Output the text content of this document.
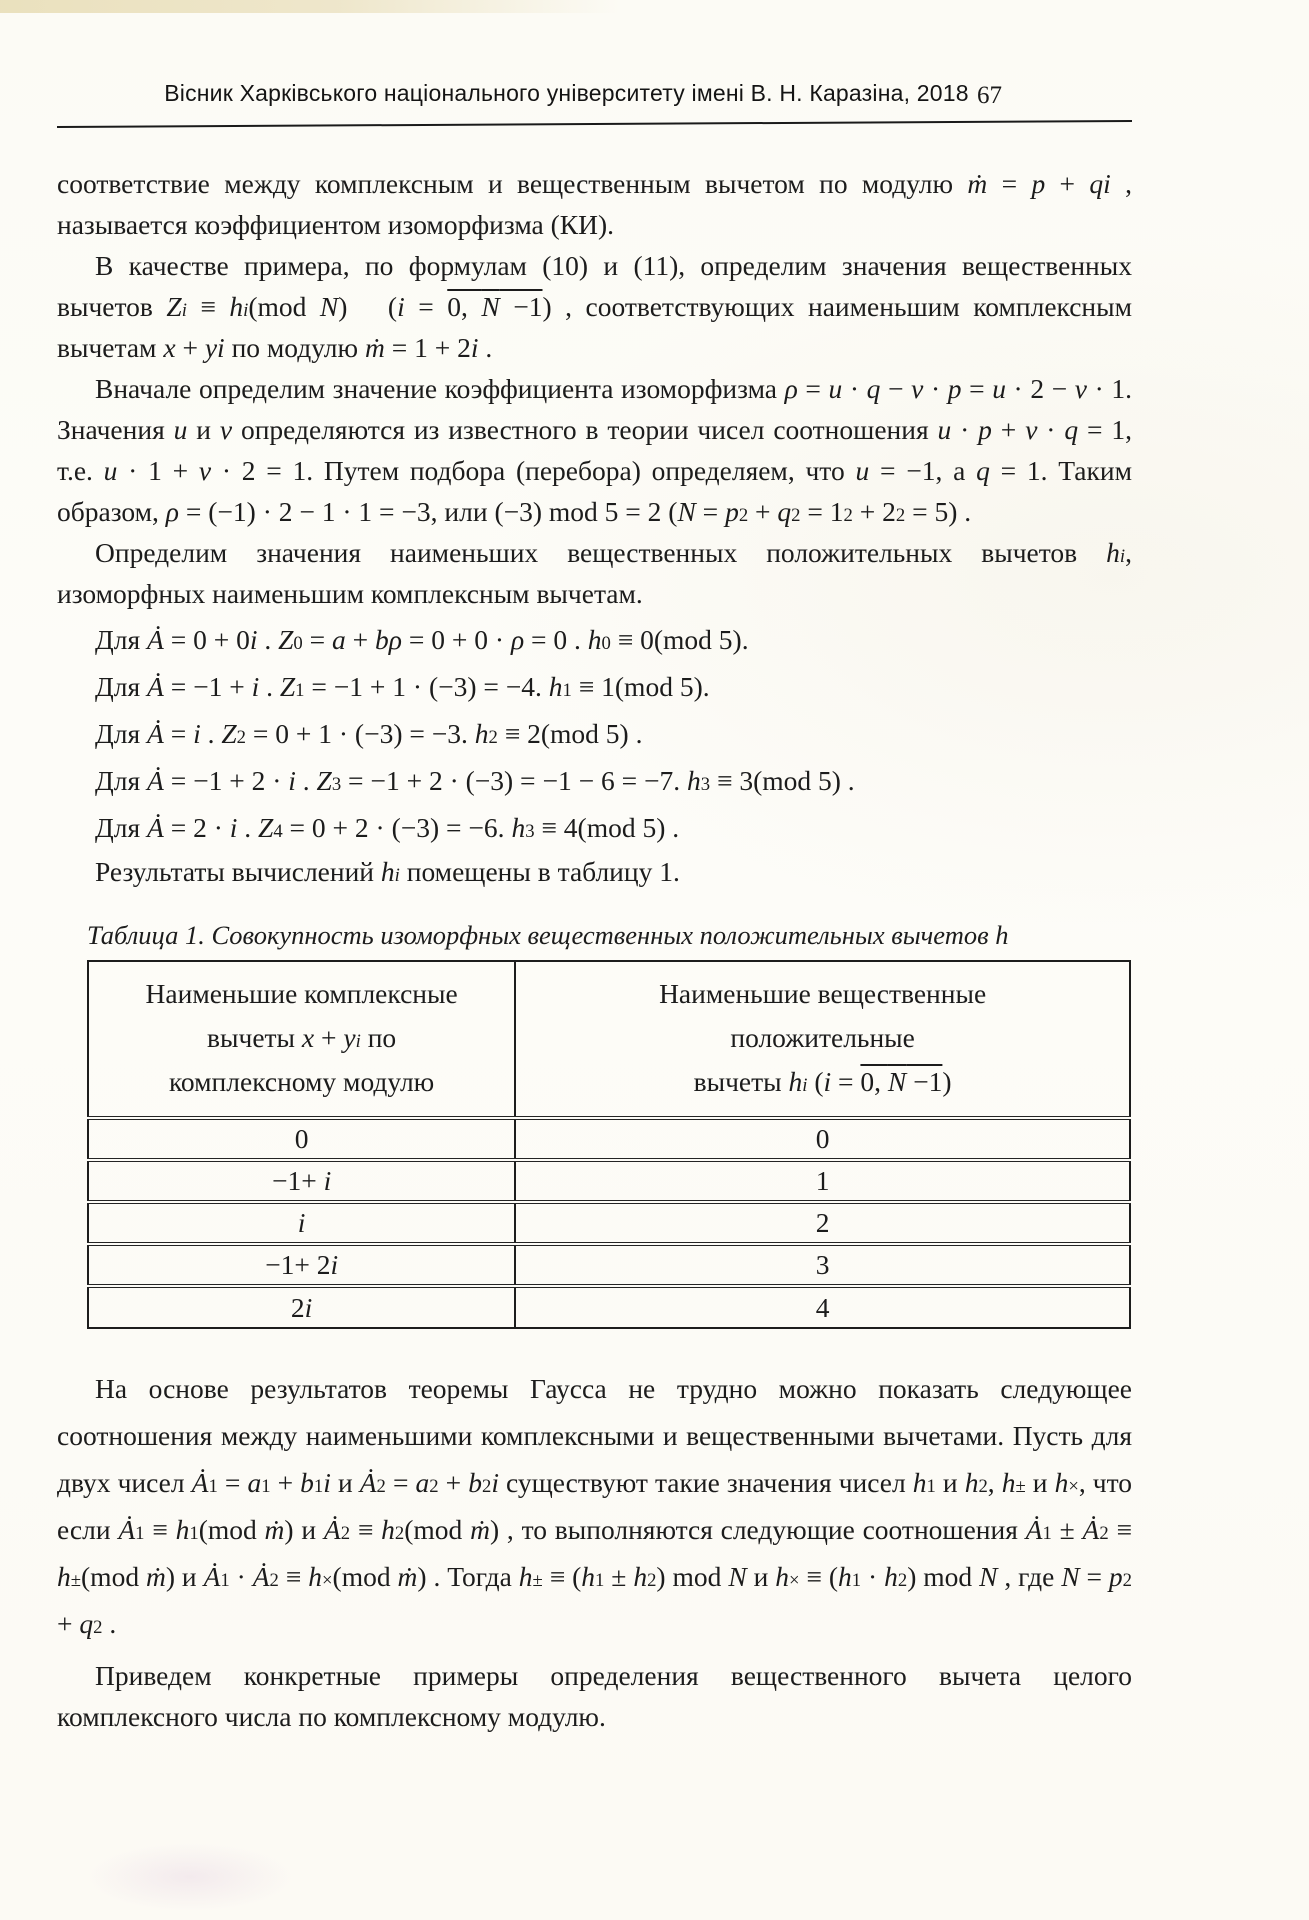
Вісник Харківського національного університету імені В. Н. Каразіна, 2018 67

соответствие между комплексным и вещественным вычетом по модулю ṁ = p + qi , называется коэффициентом изоморфизма (КИ).

В качестве примера, по формулам (10) и (11), определим значения вещественных вычетов $Z_i \equiv h_i(mod$ N)   (i = 0, N −1) , соответствующих наименьшим комплексным вычетам x + yi по модулю ṁ = 1 + 2i .

Вначале определим значение коэффициента изоморфизма ρ = u · q − v · p = u · 2 − v · 1. Значения u и v определяются из известного в теории чисел соотношения u · p + v · q = 1, т.е. u · 1 + v · 2 = 1. Путем подбора (перебора) определяем, что u = −1, а q = 1. Таким образом, ρ = (−1) · 2 − 1 · 1 = −3, или (−3) mod 5 = 2 $(N = p^2 + q^2 = 1^2 + 2^2 = 5)$ .

Определим значения наименьших вещественных положительных вычетов $h_i$, изоморфных наименьшим комплексным вычетам.

Для Ȧ = 0 + 0i . $Z_0 = a + b\rho = 0 + 0 \cdot \rho = 0$ . $h_0 \equiv 0(mod$ 5).

Для Ȧ = −1 + i . $Z_1 = -1 + 1 \cdot (-3) = -4$. $h_1 \equiv 1(mod$ 5).

Для Ȧ = i . $Z_2 = 0 + 1 \cdot (-3) = -3$. $h_2 \equiv 2(mod$ 5) .

Для Ȧ = −1 + 2 · i . $Z_3 = -1 + 2 \cdot (-3) = -1 - 6 = -7$. $h_3 \equiv 3(mod$ 5) .

Для Ȧ = 2 · i . $Z_4 = 0 + 2 \cdot (-3) = -6$. $h_3 \equiv 4(mod$ 5) .

Результаты вычислений $h_i$ помещены в таблицу 1.

Таблица 1. Совокупность изоморфных вещественных положительных вычетов h

Наименьшие комплексные
вычеты $x + y_i$ по
комплексному модулю	Наименьшие вещественные
положительные
вычеты $h_i$ (i = 0, N −1)
0	0
−1+ i	1
i	2
−1+ 2i	3
2i	4

На основе результатов теоремы Гаусса не трудно можно показать следующее соотношения между наименьшими комплексными и вещественными вычетами. Пусть для двух чисел $Ȧ_1 = a_1 + b_1i$ и $Ȧ_2 = a_2 + b_2i$ существуют такие значения чисел $h_1$ и $h_2$, $h_\pm$ и $h_\times$, что если $Ȧ_1 \equiv h_1(mod$ ṁ) и $Ȧ_2 \equiv h_2(mod$ ṁ) , то выполняются следующие соотношения $Ȧ_1$ ± $Ȧ_2 \equiv h_\pm(mod$ ṁ) и $Ȧ_1$ · $Ȧ_2 \equiv h_\times(mod$ ṁ) . Тогда $h_\pm \equiv (h_1 \pm h_2)$ mod N и $h_\times \equiv (h_1 \cdot h_2)$ mod N , где $N = p^2 + q^2$ .

Приведем конкретные примеры определения вещественного вычета целого комплексного числа по комплексному модулю.
